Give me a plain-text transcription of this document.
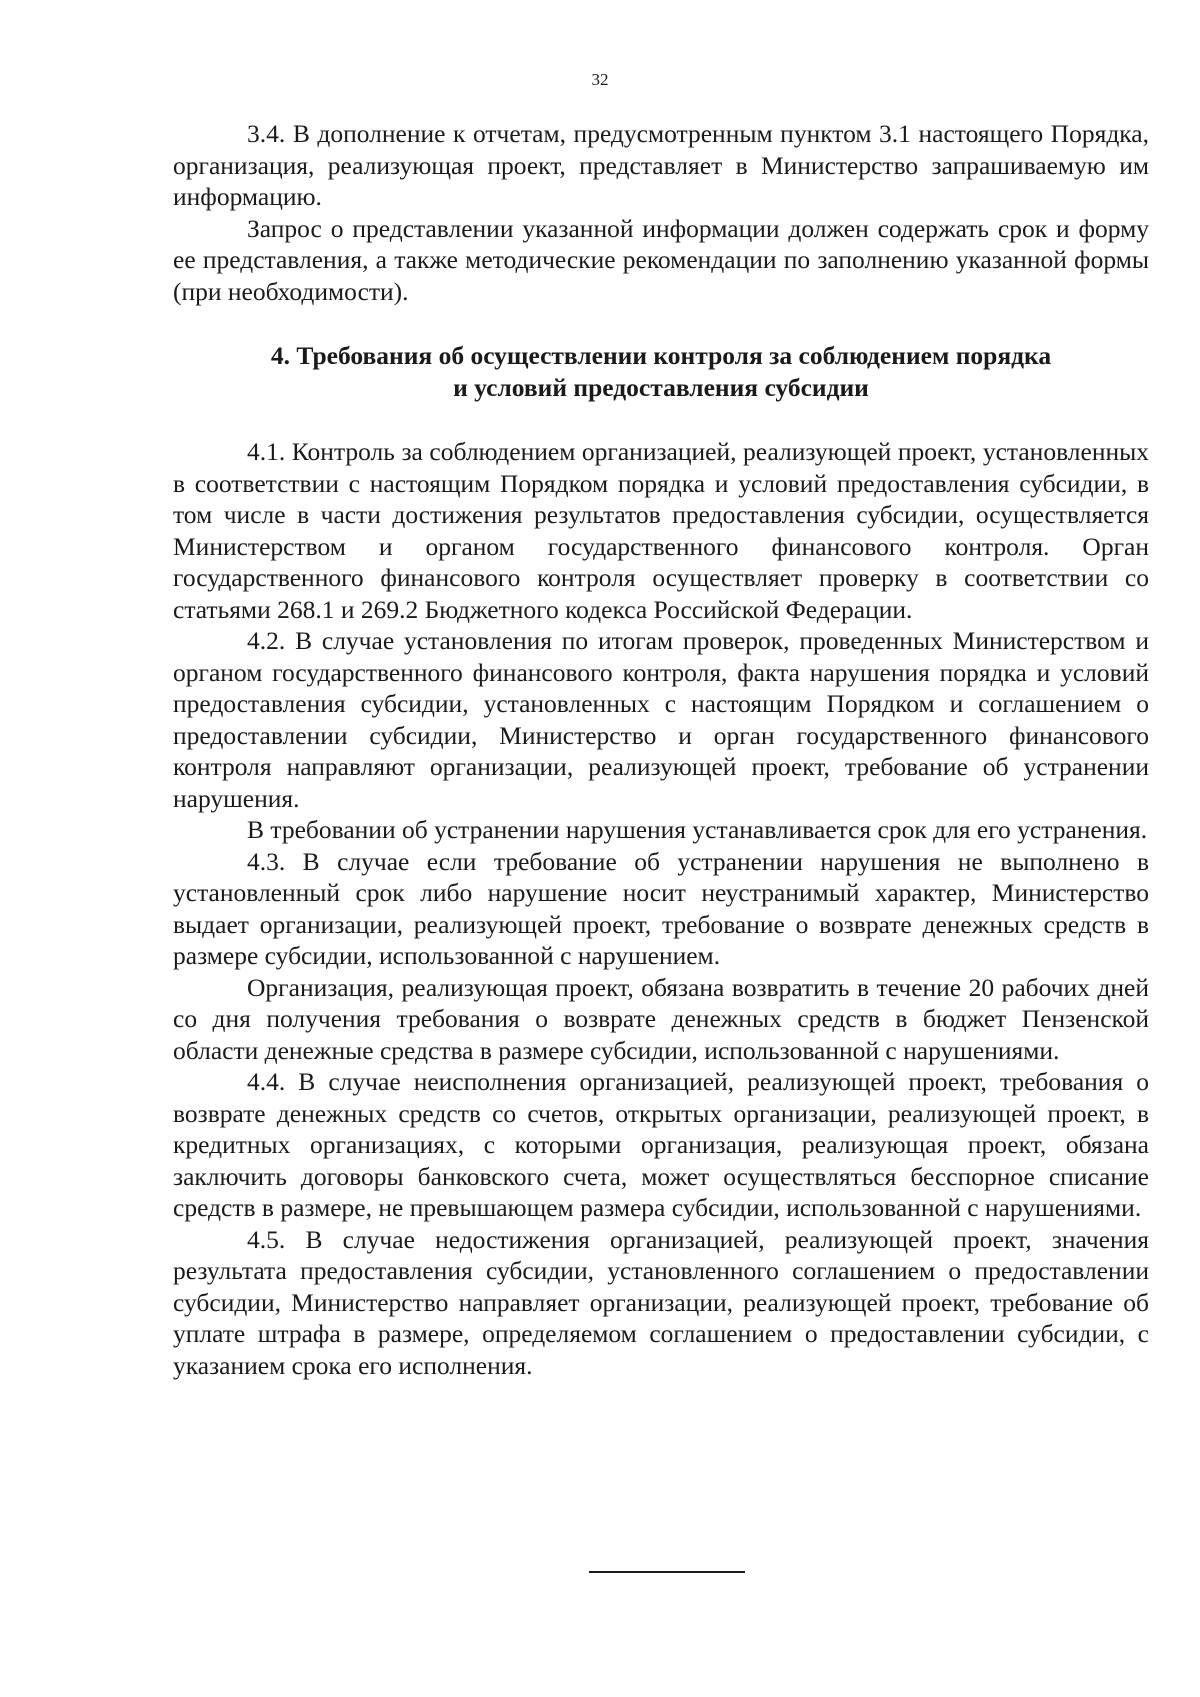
32

3.4. В дополнение к отчетам, предусмотренным пунктом 3.1 настоящего Порядка, организация, реализующая проект, представляет в Министерство запрашиваемую им информацию.

Запрос о представлении указанной информации должен содержать срок и форму ее представления, а также методические рекомендации по заполнению указанной формы (при необходимости).

4. Требования об осуществлении контроля за соблюдением порядка
и условий предоставления субсидии

4.1. Контроль за соблюдением организацией, реализующей проект, установленных в соответствии с настоящим Порядком порядка и условий предоставления субсидии, в том числе в части достижения результатов предоставления субсидии, осуществляется Министерством и органом государственного финансового контроля. Орган государственного финансового контроля осуществляет проверку в соответствии со статьями 268.1 и 269.2 Бюджетного кодекса Российской Федерации.

4.2. В случае установления по итогам проверок, проведенных Министерством и органом государственного финансового контроля, факта нарушения порядка и условий предоставления субсидии, установленных с настоящим Порядком и соглашением о предоставлении субсидии, Министерство и орган государственного финансового контроля направляют организации, реализующей проект, требование об устранении нарушения.

В требовании об устранении нарушения устанавливается срок для его устранения.

4.3. В случае если требование об устранении нарушения не выполнено в установленный срок либо нарушение носит неустранимый характер, Министерство выдает организации, реализующей проект, требование о возврате денежных средств в размере субсидии, использованной с нарушением.

Организация, реализующая проект, обязана возвратить в течение 20 рабочих дней со дня получения требования о возврате денежных средств в бюджет Пензенской области денежные средства в размере субсидии, использованной с нарушениями.

4.4. В случае неисполнения организацией, реализующей проект, требования о возврате денежных средств со счетов, открытых организации, реализующей проект, в кредитных организациях, с которыми организация, реализующая проект, обязана заключить договоры банковского счета, может осуществляться бесспорное списание средств в размере, не превышающем размера субсидии, использованной с нарушениями.

4.5. В случае недостижения организацией, реализующей проект, значения результата предоставления субсидии, установленного соглашением о предоставлении субсидии, Министерство направляет организации, реализующей проект, требование об уплате штрафа в размере, определяемом соглашением о предоставлении субсидии, с указанием срока его исполнения.
